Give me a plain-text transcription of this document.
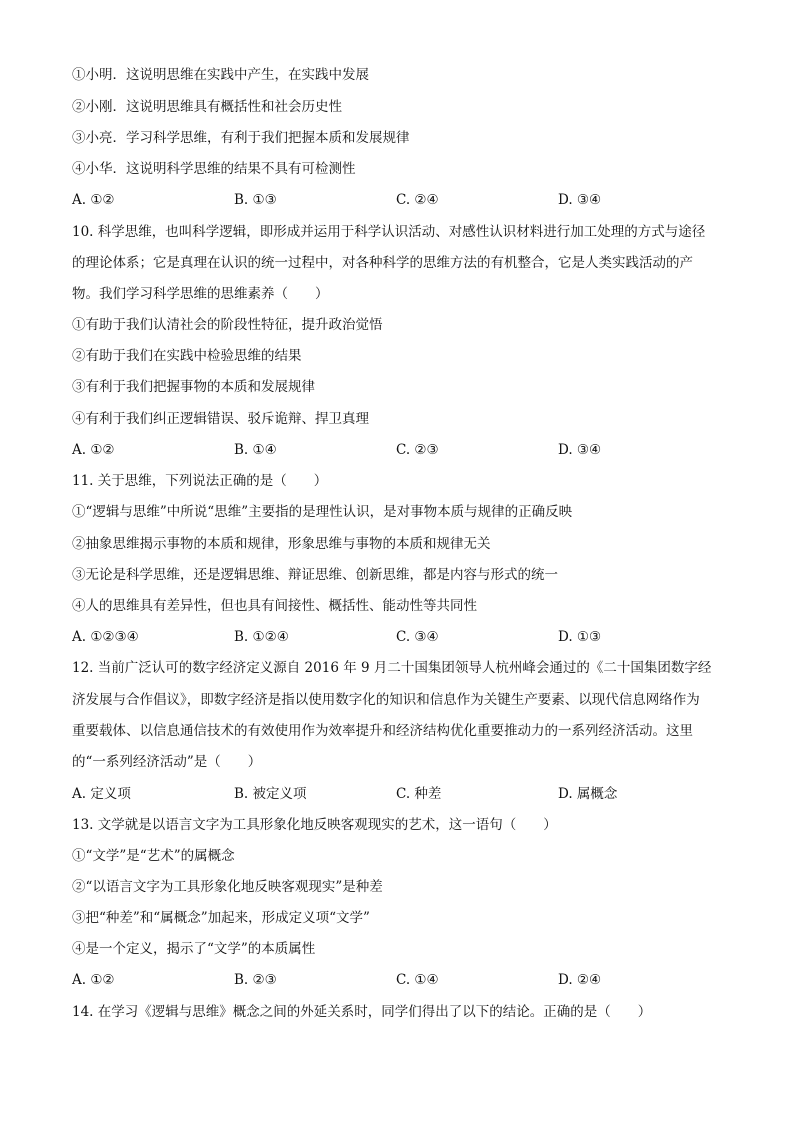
①小明．这说明思维在实践中产生，在实践中发展
②小刚．这说明思维具有概括性和社会历史性
③小亮．学习科学思维，有利于我们把握本质和发展规律
④小华．这说明科学思维的结果不具有可检测性
A. ①②	B. ①③	C. ②④	D. ③④
10. 科学思维，也叫科学逻辑，即形成并运用于科学认识活动、对感性认识材料进行加工处理的方式与途径
的理论体系；它是真理在认识的统一过程中，对各种科学的思维方法的有机整合，它是人类实践活动的产
物。我们学习科学思维的思维素养（　　）
①有助于我们认清社会的阶段性特征，提升政治觉悟
②有助于我们在实践中检验思维的结果
③有利于我们把握事物的本质和发展规律
④有利于我们纠正逻辑错误、驳斥诡辩、捍卫真理
A. ①②	B. ①④	C. ②③	D. ③④
11. 关于思维，下列说法正确的是（　　）
①“逻辑与思维”中所说“思维”主要指的是理性认识，是对事物本质与规律的正确反映
②抽象思维揭示事物的本质和规律，形象思维与事物的本质和规律无关
③无论是科学思维，还是逻辑思维、辩证思维、创新思维，都是内容与形式的统一
④人的思维具有差异性，但也具有间接性、概括性、能动性等共同性
A. ①②③④	B. ①②④	C. ③④	D. ①③
12. 当前广泛认可的数字经济定义源自 2016 年 9 月二十国集团领导人杭州峰会通过的《二十国集团数字经
济发展与合作倡议》，即数字经济是指以使用数字化的知识和信息作为关键生产要素、以现代信息网络作为
重要载体、以信息通信技术的有效使用作为效率提升和经济结构优化重要推动力的一系列经济活动。这里
的“一系列经济活动”是（　　）
A. 定义项	B. 被定义项	C. 种差	D. 属概念
13. 文学就是以语言文字为工具形象化地反映客观现实的艺术，这一语句（　　）
①“文学”是“艺术”的属概念
②“以语言文字为工具形象化地反映客观现实”是种差
③把“种差”和“属概念”加起来，形成定义项“文学”
④是一个定义，揭示了“文学”的本质属性
A. ①②	B. ②③	C. ①④	D. ②④
14. 在学习《逻辑与思维》概念之间的外延关系时，同学们得出了以下的结论。正确的是（　　）
